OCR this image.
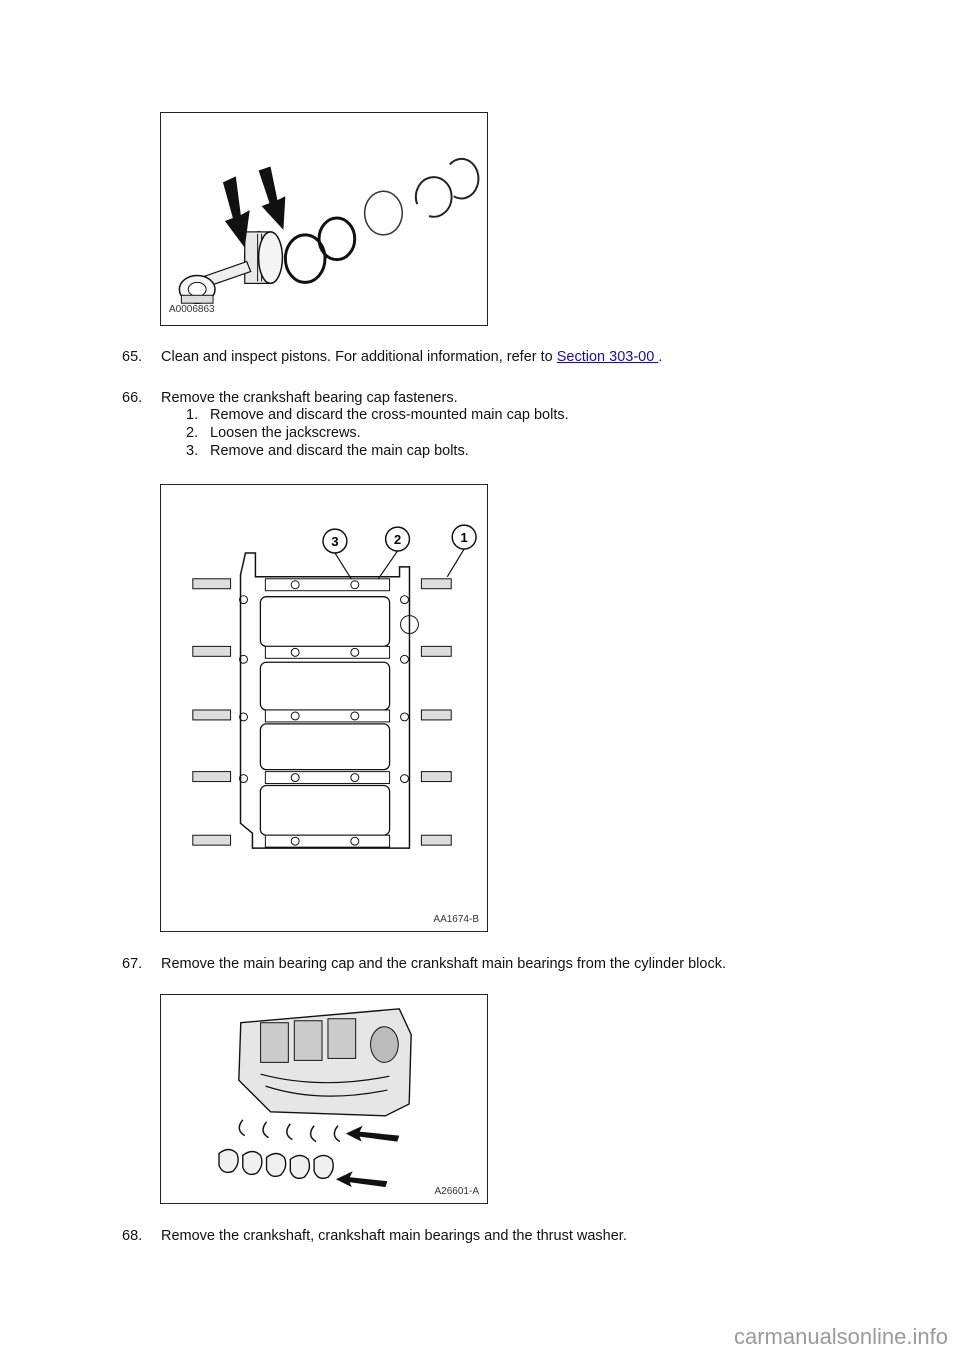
A0006863
65.	Clean and inspect pistons. For additional information, refer to Section 303-00 .
66.	Remove the crankshaft bearing cap fasteners.
1. Remove and discard the cross-mounted main cap bolts.
2. Loosen the jackscrews.
3. Remove and discard the main cap bolts.
3	2	1
AA1674-B
67.	Remove the main bearing cap and the crankshaft main bearings from the cylinder block.
A26601-A
68.	Remove the crankshaft, crankshaft main bearings and the thrust washer.
carmanualsonline.info
